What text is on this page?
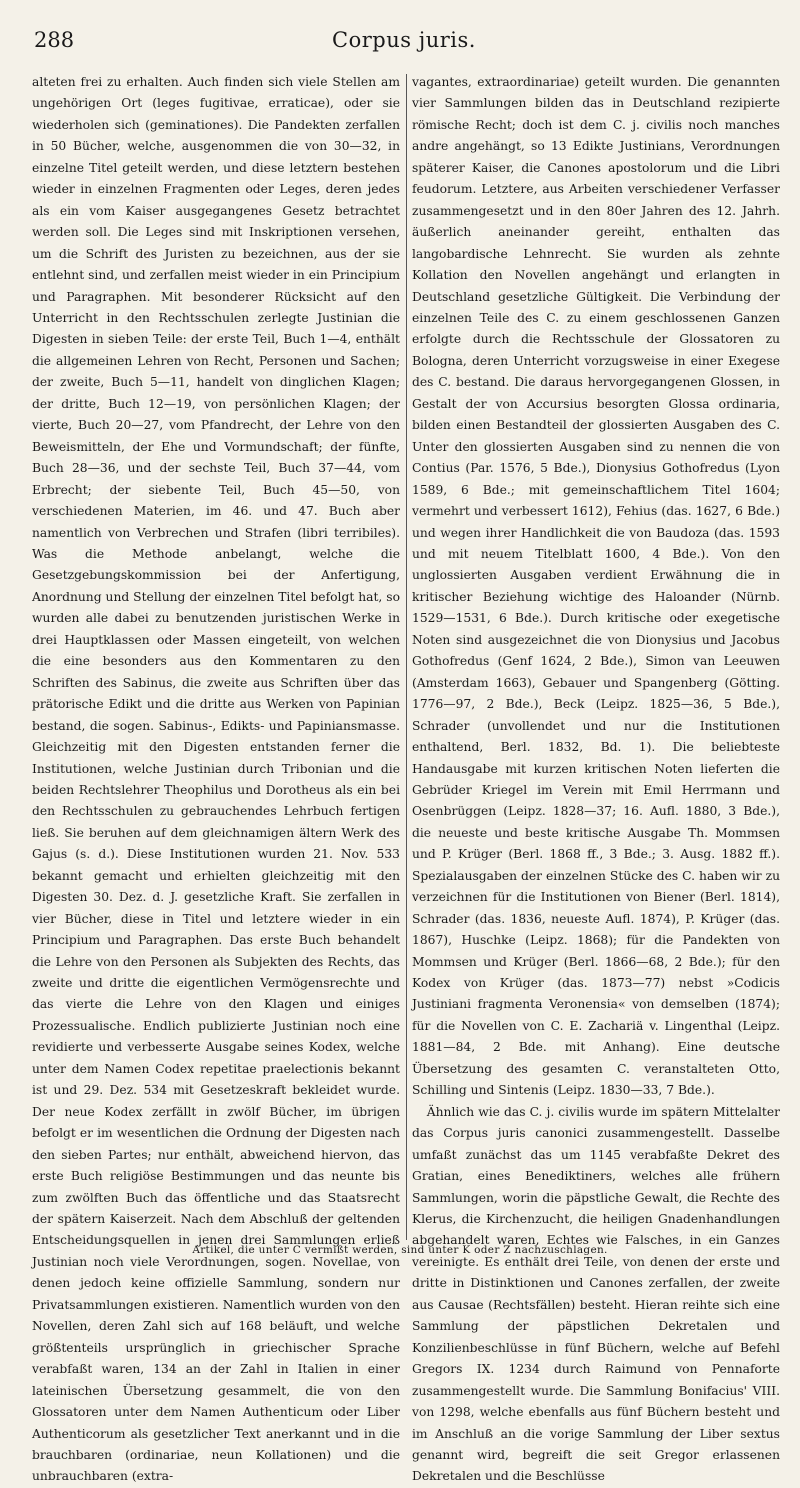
288	Corpus juris.

alteten frei zu erhalten. Auch finden sich viele Stellen am ungehörigen Ort (leges fugitivae, erraticae), oder sie wiederholen sich (geminationes). Die Pandekten zerfallen in 50 Bücher, welche, ausgenommen die von 30—32, in einzelne Titel geteilt werden, und diese letztern bestehen wieder in einzelnen Fragmenten oder Leges, deren jedes als ein vom Kaiser ausgegangenes Gesetz betrachtet werden soll. Die Leges sind mit Inskriptionen versehen, um die Schrift des Juristen zu bezeichnen, aus der sie entlehnt sind, und zerfallen meist wieder in ein Principium und Paragraphen. Mit besonderer Rücksicht auf den Unterricht in den Rechtsschulen zerlegte Justinian die Digesten in sieben Teile: der erste Teil, Buch 1—4, enthält die allgemeinen Lehren von Recht, Personen und Sachen; der zweite, Buch 5—11, handelt von dinglichen Klagen; der dritte, Buch 12—19, von persönlichen Klagen; der vierte, Buch 20—27, vom Pfandrecht, der Lehre von den Beweismitteln, der Ehe und Vormundschaft; der fünfte, Buch 28—36, und der sechste Teil, Buch 37—44, vom Erbrecht; der siebente Teil, Buch 45—50, von verschiedenen Materien, im 46. und 47. Buch aber namentlich von Verbrechen und Strafen (libri terribiles). Was die Methode anbelangt, welche die Gesetzgebungskommission bei der Anfertigung, Anordnung und Stellung der einzelnen Titel befolgt hat, so wurden alle dabei zu benutzenden juristischen Werke in drei Hauptklassen oder Massen eingeteilt, von welchen die eine besonders aus den Kommentaren zu den Schriften des Sabinus, die zweite aus Schriften über das prätorische Edikt und die dritte aus Werken von Papinian bestand, die sogen. Sabinus-, Edikts- und Papiniansmasse. Gleichzeitig mit den Digesten entstanden ferner die Institutionen, welche Justinian durch Tribonian und die beiden Rechtslehrer Theophilus und Dorotheus als ein bei den Rechtsschulen zu gebrauchendes Lehrbuch fertigen ließ. Sie beruhen auf dem gleichnamigen ältern Werk des Gajus (s. d.). Diese Institutionen wurden 21. Nov. 533 bekannt gemacht und erhielten gleichzeitig mit den Digesten 30. Dez. d. J. gesetzliche Kraft. Sie zerfallen in vier Bücher, diese in Titel und letztere wieder in ein Principium und Paragraphen. Das erste Buch behandelt die Lehre von den Personen als Subjekten des Rechts, das zweite und dritte die eigentlichen Vermögensrechte und das vierte die Lehre von den Klagen und einiges Prozessualische. Endlich publizierte Justinian noch eine revidierte und verbesserte Ausgabe seines Kodex, welche unter dem Namen Codex repetitae praelectionis bekannt ist und 29. Dez. 534 mit Gesetzeskraft bekleidet wurde. Der neue Kodex zerfällt in zwölf Bücher, im übrigen befolgt er im wesentlichen die Ordnung der Digesten nach den sieben Partes; nur enthält, abweichend hiervon, das erste Buch religiöse Bestimmungen und das neunte bis zum zwölften Buch das öffentliche und das Staatsrecht der spätern Kaiserzeit. Nach dem Abschluß der geltenden Entscheidungsquellen in jenen drei Sammlungen erließ Justinian noch viele Verordnungen, sogen. Novellae, von denen jedoch keine offizielle Sammlung, sondern nur Privatsammlungen existieren. Namentlich wurden von den Novellen, deren Zahl sich auf 168 beläuft, und welche größtenteils ursprünglich in griechischer Sprache verabfaßt waren, 134 an der Zahl in Italien in einer lateinischen Übersetzung gesammelt, die von den Glossatoren unter dem Namen Authenticum oder Liber Authenticorum als gesetzlicher Text anerkannt und in die brauchbaren (ordinariae, neun Kollationen) und die unbrauchbaren (extra-

vagantes, extraordinariae) geteilt wurden. Die genannten vier Sammlungen bilden das in Deutschland rezipierte römische Recht; doch ist dem C. j. civilis noch manches andre angehängt, so 13 Edikte Justinians, Verordnungen späterer Kaiser, die Canones apostolorum und die Libri feudorum. Letztere, aus Arbeiten verschiedener Verfasser zusammengesetzt und in den 80er Jahren des 12. Jahrh. äußerlich aneinander gereiht, enthalten das langobardische Lehnrecht. Sie wurden als zehnte Kollation den Novellen angehängt und erlangten in Deutschland gesetzliche Gültigkeit. Die Verbindung der einzelnen Teile des C. zu einem geschlossenen Ganzen erfolgte durch die Rechtsschule der Glossatoren zu Bologna, deren Unterricht vorzugsweise in einer Exegese des C. bestand. Die daraus hervorgegangenen Glossen, in Gestalt der von Accursius besorgten Glossa ordinaria, bilden einen Bestandteil der glossierten Ausgaben des C. Unter den glossierten Ausgaben sind zu nennen die von Contius (Par. 1576, 5 Bde.), Dionysius Gothofredus (Lyon 1589, 6 Bde.; mit gemeinschaftlichem Titel 1604; vermehrt und verbessert 1612), Fehius (das. 1627, 6 Bde.) und wegen ihrer Handlichkeit die von Baudoza (das. 1593 und mit neuem Titelblatt 1600, 4 Bde.). Von den unglossierten Ausgaben verdient Erwähnung die in kritischer Beziehung wichtige des Haloander (Nürnb. 1529—1531, 6 Bde.). Durch kritische oder exegetische Noten sind ausgezeichnet die von Dionysius und Jacobus Gothofredus (Genf 1624, 2 Bde.), Simon van Leeuwen (Amsterdam 1663), Gebauer und Spangenberg (Götting. 1776—97, 2 Bde.), Beck (Leipz. 1825—36, 5 Bde.), Schrader (unvollendet und nur die Institutionen enthaltend, Berl. 1832, Bd. 1). Die beliebteste Handausgabe mit kurzen kritischen Noten lieferten die Gebrüder Kriegel im Verein mit Emil Herrmann und Osenbrüggen (Leipz. 1828—37; 16. Aufl. 1880, 3 Bde.), die neueste und beste kritische Ausgabe Th. Mommsen und P. Krüger (Berl. 1868 ff., 3 Bde.; 3. Ausg. 1882 ff.). Spezialausgaben der einzelnen Stücke des C. haben wir zu verzeichnen für die Institutionen von Biener (Berl. 1814), Schrader (das. 1836, neueste Aufl. 1874), P. Krüger (das. 1867), Huschke (Leipz. 1868); für die Pandekten von Mommsen und Krüger (Berl. 1866—68, 2 Bde.); für den Kodex von Krüger (das. 1873—77) nebst »Codicis Justiniani fragmenta Veronensia« von demselben (1874); für die Novellen von C. E. Zachariä v. Lingenthal (Leipz. 1881—84, 2 Bde. mit Anhang). Eine deutsche Übersetzung des gesamten C. veranstalteten Otto, Schilling und Sintenis (Leipz. 1830—33, 7 Bde.).

Ähnlich wie das C. j. civilis wurde im spätern Mittelalter das Corpus juris canonici zusammengestellt. Dasselbe umfaßt zunächst das um 1145 verabfaßte Dekret des Gratian, eines Benediktiners, welches alle frühern Sammlungen, worin die päpstliche Gewalt, die Rechte des Klerus, die Kirchenzucht, die heiligen Gnadenhandlungen abgehandelt waren, Echtes wie Falsches, in ein Ganzes vereinigte. Es enthält drei Teile, von denen der erste und dritte in Distinktionen und Canones zerfallen, der zweite aus Causae (Rechtsfällen) besteht. Hieran reihte sich eine Sammlung der päpstlichen Dekretalen und Konzilienbeschlüsse in fünf Büchern, welche auf Befehl Gregors IX. 1234 durch Raimund von Pennaforte zusammengestellt wurde. Die Sammlung Bonifacius' VIII. von 1298, welche ebenfalls aus fünf Büchern besteht und im Anschluß an die vorige Sammlung der Liber sextus genannt wird, begreift die seit Gregor erlassenen Dekretalen und die Beschlüsse

Artikel, die unter C vermißt werden, sind unter K oder Z nachzuschlagen.
